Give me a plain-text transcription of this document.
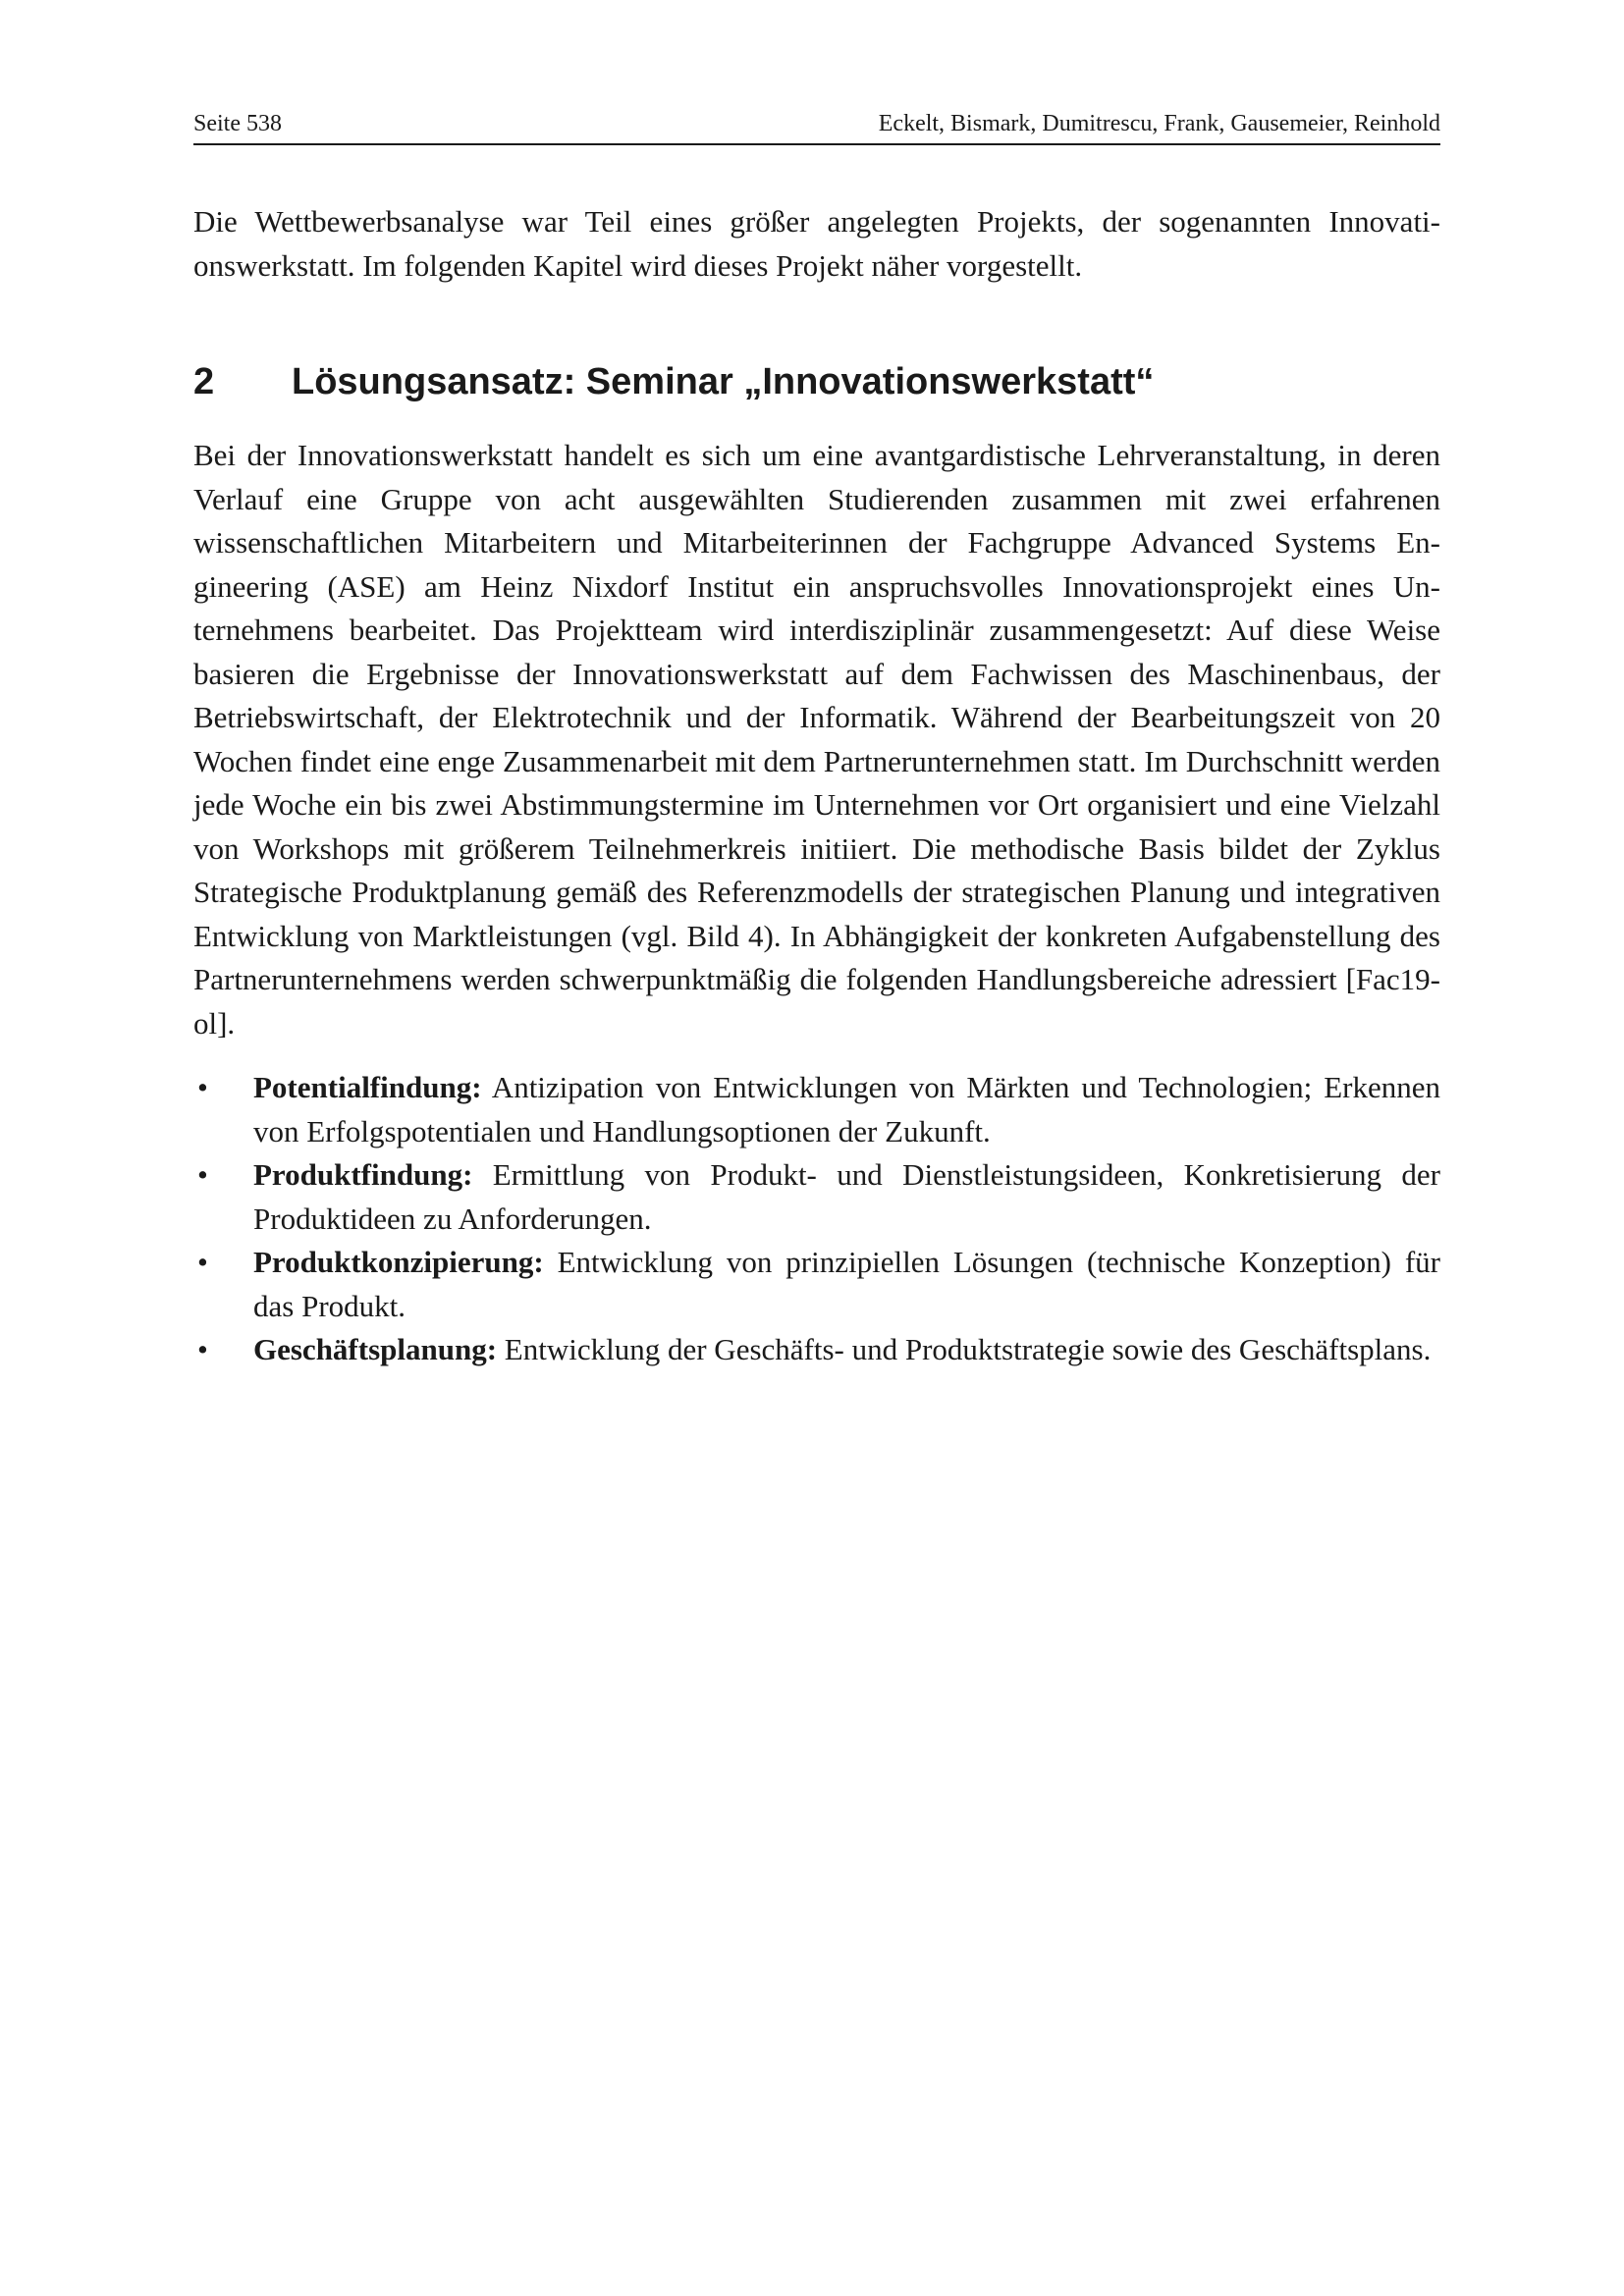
Seite 538	Eckelt, Bismark, Dumitrescu, Frank, Gausemeier, Reinhold

Die Wettbewerbsanalyse war Teil eines größer angelegten Projekts, der sogenannten Innovationswerkstatt. Im folgenden Kapitel wird dieses Projekt näher vorgestellt.

2 Lösungsansatz: Seminar „Innovationswerkstatt“

Bei der Innovationswerkstatt handelt es sich um eine avantgardistische Lehrveranstaltung, in deren Verlauf eine Gruppe von acht ausgewählten Studierenden zusammen mit zwei erfahrenen wissenschaftlichen Mitarbeitern und Mitarbeiterinnen der Fachgruppe Advanced Systems Engineering (ASE) am Heinz Nixdorf Institut ein anspruchsvolles Innovationsprojekt eines Unternehmens bearbeitet. Das Projektteam wird interdisziplinär zusammengesetzt: Auf diese Weise basieren die Ergebnisse der Innovationswerkstatt auf dem Fachwissen des Maschinenbaus, der Betriebswirtschaft, der Elektrotechnik und der Informatik. Während der Bearbeitungszeit von 20 Wochen findet eine enge Zusammenarbeit mit dem Partnerunternehmen statt. Im Durchschnitt werden jede Woche ein bis zwei Abstimmungstermine im Unternehmen vor Ort organisiert und eine Vielzahl von Workshops mit größerem Teilnehmerkreis initiiert. Die methodische Basis bildet der Zyklus Strategische Produktplanung gemäß des Referenzmodells der strategischen Planung und integrativen Entwicklung von Marktleistungen (vgl. Bild 4). In Abhängigkeit der konkreten Aufgabenstellung des Partnerunternehmens werden schwerpunktmäßig die folgenden Handlungsbereiche adressiert [Fac19-ol].

• Potentialfindung: Antizipation von Entwicklungen von Märkten und Technologien; Erkennen von Erfolgspotentialen und Handlungsoptionen der Zukunft.
• Produktfindung: Ermittlung von Produkt- und Dienstleistungsideen, Konkretisierung der Produktideen zu Anforderungen.
• Produktkonzipierung: Entwicklung von prinzipiellen Lösungen (technische Konzeption) für das Produkt.
• Geschäftsplanung: Entwicklung der Geschäfts- und Produktstrategie sowie des Geschäftsplans.
